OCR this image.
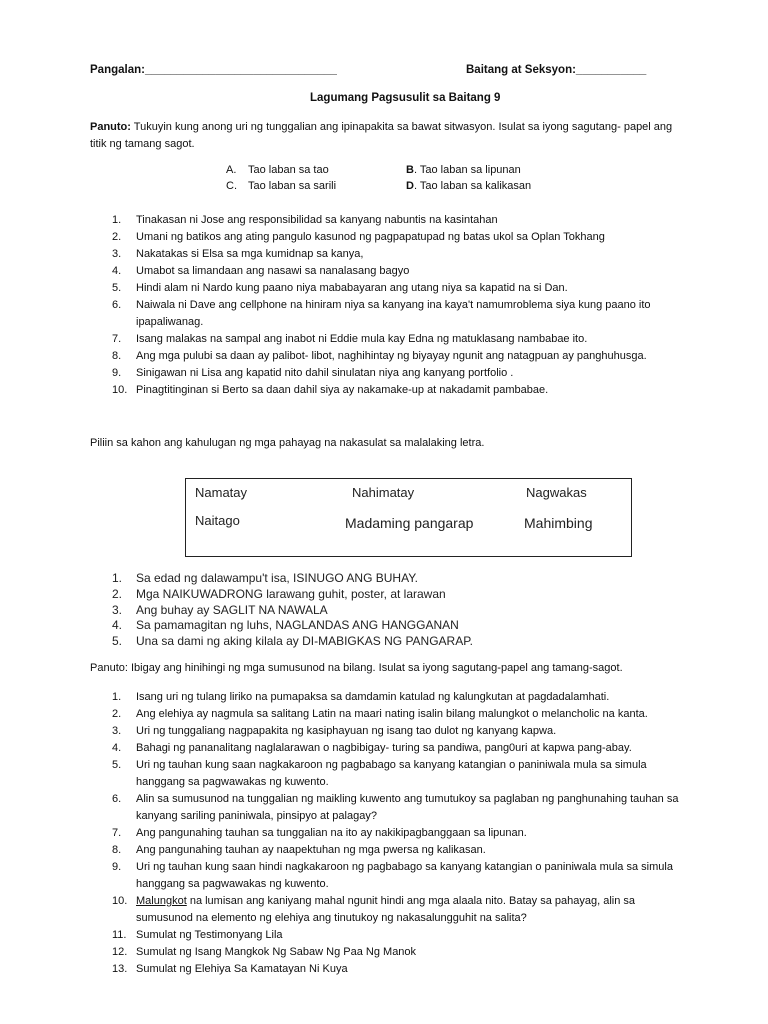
Pangalan:______________________________	Baitang at Seksyon:___________
Lagumang Pagsusulit sa Baitang 9
Panuto: Tukuyin kung anong uri ng tunggalian ang ipinapakita sa bawat sitwasyon. Isulat sa iyong sagutang- papel ang
titik ng tamang sagot.
A. Tao laban sa tao	B. Tao laban sa lipunan
C. Tao laban sa sarili	D. Tao laban sa kalikasan
1.	Tinakasan ni Jose ang responsibilidad sa kanyang nabuntis na kasintahan
2.	Umani ng batikos ang ating pangulo kasunod ng pagpapatupad ng batas ukol sa Oplan Tokhang
3.	Nakatakas si Elsa sa mga kumidnap sa kanya,
4.	Umabot sa limandaan ang nasawi sa nanalasang bagyo
5.	Hindi alam ni Nardo kung paano niya mababayaran ang utang niya sa kapatid na si Dan.
6.	Naiwala ni Dave ang cellphone na hiniram niya sa kanyang ina kaya't namumroblema siya kung paano ito
ipapaliwanag.
7.	Isang malakas na sampal ang inabot ni Eddie mula kay Edna ng matuklasang nambabae ito.
8.	Ang mga pulubi sa daan ay palibot- libot, naghihintay ng biyayay ngunit ang natagpuan ay panghuhusga.
9.	Sinigawan ni Lisa ang kapatid nito dahil sinulatan niya ang kanyang portfolio .
10. Pinagtitinginan si Berto sa daan dahil siya ay nakamake-up at nakadamit pambabae.
Piliin sa kahon ang kahulugan ng mga pahayag na nakasulat sa malalaking letra.
Namatay	Nahimatay	Nagwakas
Naitago	Madaming pangarap	Mahimbing
1.	Sa edad ng dalawampu't isa, ISINUGO ANG BUHAY.
2.	Mga NAIKUWADRONG larawang guhit, poster, at larawan
3.	Ang buhay ay SAGLIT NA NAWALA
4.	Sa pamamagitan ng luhs, NAGLANDAS ANG HANGGANAN
5.	Una sa dami ng aking kilala ay DI-MABIGKAS NG PANGARAP.
Panuto: Ibigay ang hinihingi ng mga sumusunod na bilang. Isulat sa iyong sagutang-papel ang tamang-sagot.
1.	Isang uri ng tulang liriko na pumapaksa sa damdamin katulad ng kalungkutan at pagdadalamhati.
2.	Ang elehiya ay nagmula sa salitang Latin na maari nating isalin bilang malungkot o melancholic na kanta.
3.	Uri ng tunggaliang nagpapakita ng kasiphayuan ng isang tao dulot ng kanyang kapwa.
4.	Bahagi ng pananalitang naglalarawan o nagbibigay- turing sa pandiwa, pang0uri at kapwa pang-abay.
5.	Uri ng tauhan kung saan nagkakaroon ng pagbabago sa kanyang katangian o paniniwala mula sa simula
hanggang sa pagwawakas ng kuwento.
6.	Alin sa sumusunod na tunggalian ng maikling kuwento ang tumutukoy sa paglaban ng panghunahing tauhan sa
kanyang sariling paniniwala, pinsipyo at palagay?
7.	Ang pangunahing tauhan sa tunggalian na ito ay nakikipagbanggaan sa lipunan.
8.	Ang pangunahing tauhan ay naapektuhan ng mga pwersa ng kalikasan.
9.	Uri ng tauhan kung saan hindi nagkakaroon ng pagbabago sa kanyang katangian o paniniwala mula sa simula
hanggang sa pagwawakas ng kuwento.
10. Malungkot na lumisan ang kaniyang mahal ngunit hindi ang mga alaala nito. Batay sa pahayag, alin sa
sumusunod na elemento ng elehiya ang tinutukoy ng nakasalungguhit na salita?
11. Sumulat ng Testimonyang Lila
12. Sumulat ng Isang Mangkok Ng Sabaw Ng Paa Ng Manok
13. Sumulat ng Elehiya Sa Kamatayan Ni Kuya
